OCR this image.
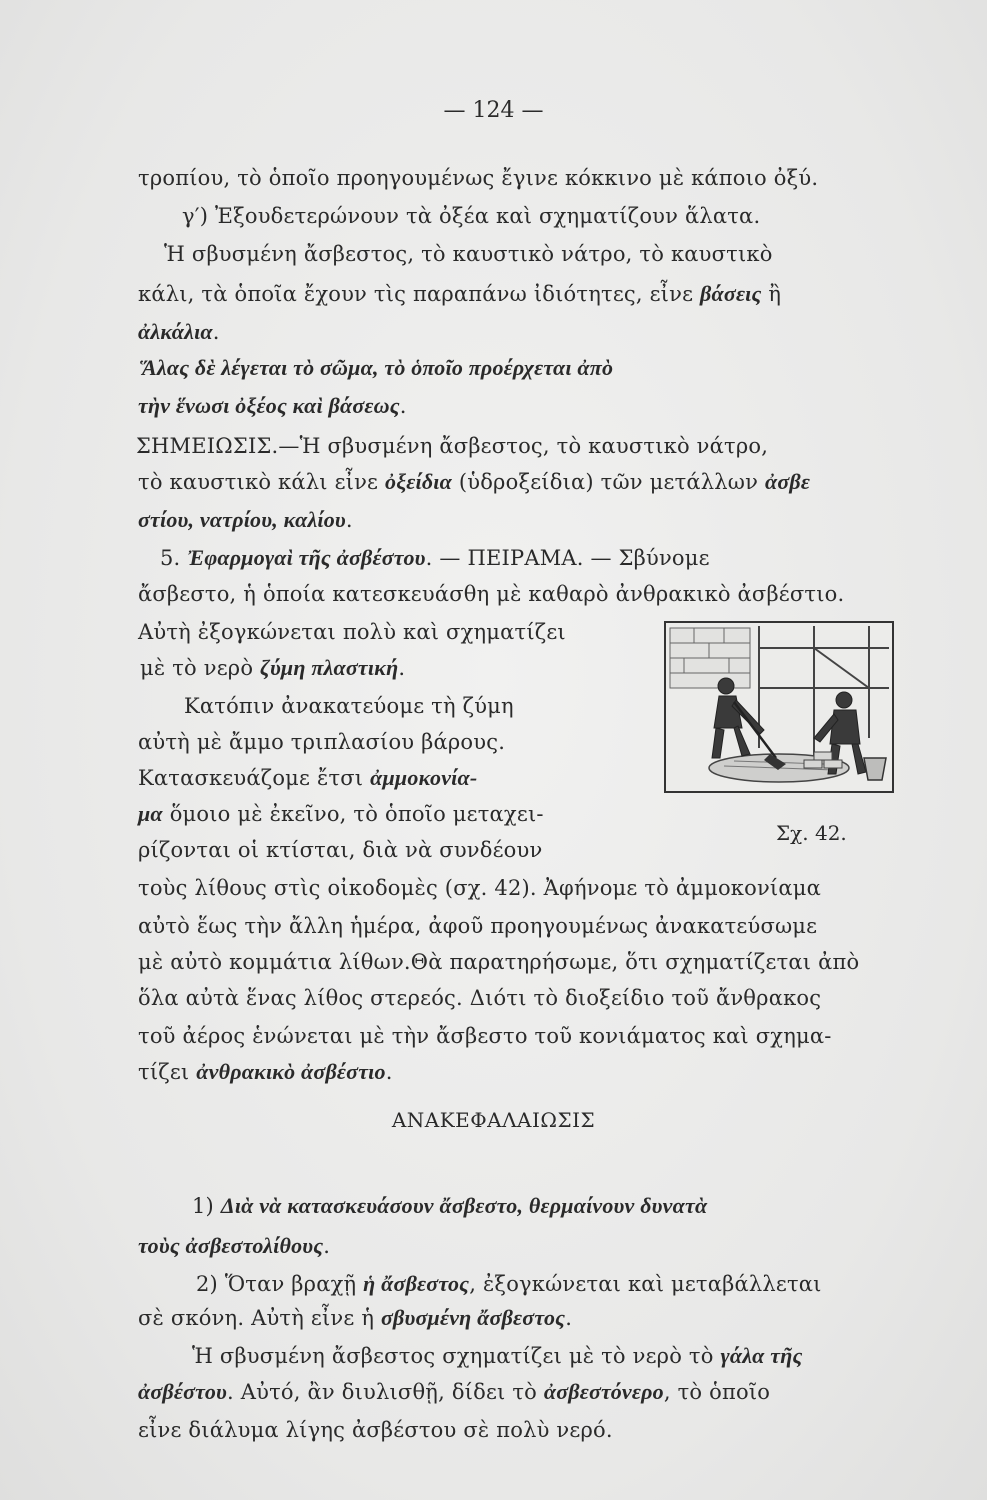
— 124 —
τροπίου, τὸ ὁποῖο προηγουμένως ἔγινε κόκκινο μὲ κάποιο ὀξύ.
γ′) Ἐξουδετερώνουν τὰ ὀξέα καὶ σχηματίζουν ἅλατα.
Ἡ σβυσμένη ἄσβεστος, τὸ καυστικὸ νάτρο, τὸ καυστικὸ
κάλι, τὰ ὁποῖα ἔχουν τὶς παραπάνω ἰδιότητες, εἶνε βάσεις ἢ
ἀλκάλια.
Ἅλας δὲ λέγεται τὸ σῶμα, τὸ ὁποῖο προέρχεται ἀπὸ
τὴν ἕνωσι ὀξέος καὶ βάσεως.
ΣΗΜΕΙΩΣΙΣ.—Ἡ σβυσμένη ἄσβεστος, τὸ καυστικὸ νάτρο,
τὸ καυστικὸ κάλι εἶνε ὀξείδια (ὑδροξείδια) τῶν μετάλλων ἀσβε
στίου, νατρίου, καλίου.
5. Ἐφαρμογαὶ τῆς ἀσβέστου. — ΠΕΙΡΑΜΑ. — Σβύνομε
ἄσβεστο, ἡ ὁποία κατεσκευάσθη μὲ καθαρὸ ἀνθρακικὸ ἀσβέστιο.
Αὐτὴ ἐξογκώνεται πολὺ καὶ σχηματίζει
μὲ τὸ νερὸ ζύμη πλαστική.
Κατόπιν ἀνακατεύομε τὴ ζύμη
αὐτὴ μὲ ἄμμο τριπλασίου βάρους.
Κατασκευάζομε ἔτσι ἀμμοκονία-
μα ὅμοιο μὲ ἐκεῖνο, τὸ ὁποῖο μεταχει-
ρίζονται οἱ κτίσται, διὰ νὰ συνδέουν
τοὺς λίθους στὶς οἰκοδομὲς (σχ. 42). Ἀφήνομε τὸ ἀμμοκονίαμα
αὐτὸ ἕως τὴν ἄλλη ἡμέρα, ἀφοῦ προηγουμένως ἀνακατεύσωμε
μὲ αὐτὸ κομμάτια λίθων.Θὰ παρατηρήσωμε, ὅτι σχηματίζεται ἀπὸ
ὅλα αὐτὰ ἕνας λίθος στερεός. Διότι τὸ διοξείδιο τοῦ ἄνθρακος
τοῦ ἀέρος ἑνώνεται μὲ τὴν ἄσβεστο τοῦ κονιάματος καὶ σχημα-
τίζει ἀνθρακικὸ ἀσβέστιο.
1) Διὰ νὰ κατασκευάσουν ἄσβεστο, θερμαίνουν δυνατὰ
τοὺς ἀσβεστολίθους.
2) Ὅταν βραχῇ ἡ ἄσβεστος, ἐξογκώνεται καὶ μεταβάλλεται
σὲ σκόνη. Αὐτὴ εἶνε ἡ σβυσμένη ἄσβεστος.
Ἡ σβυσμένη ἄσβεστος σχηματίζει μὲ τὸ νερὸ τὸ γάλα τῆς
ἀσβέστου. Αὐτό, ἂν διυλισθῇ, δίδει τὸ ἀσβεστόνερο, τὸ ὁποῖο
εἶνε διάλυμα λίγης ἀσβέστου σὲ πολὺ νερό.
ΑΝΑΚΕΦΑΛΑΙΩΣΙΣ
Σχ. 42.
